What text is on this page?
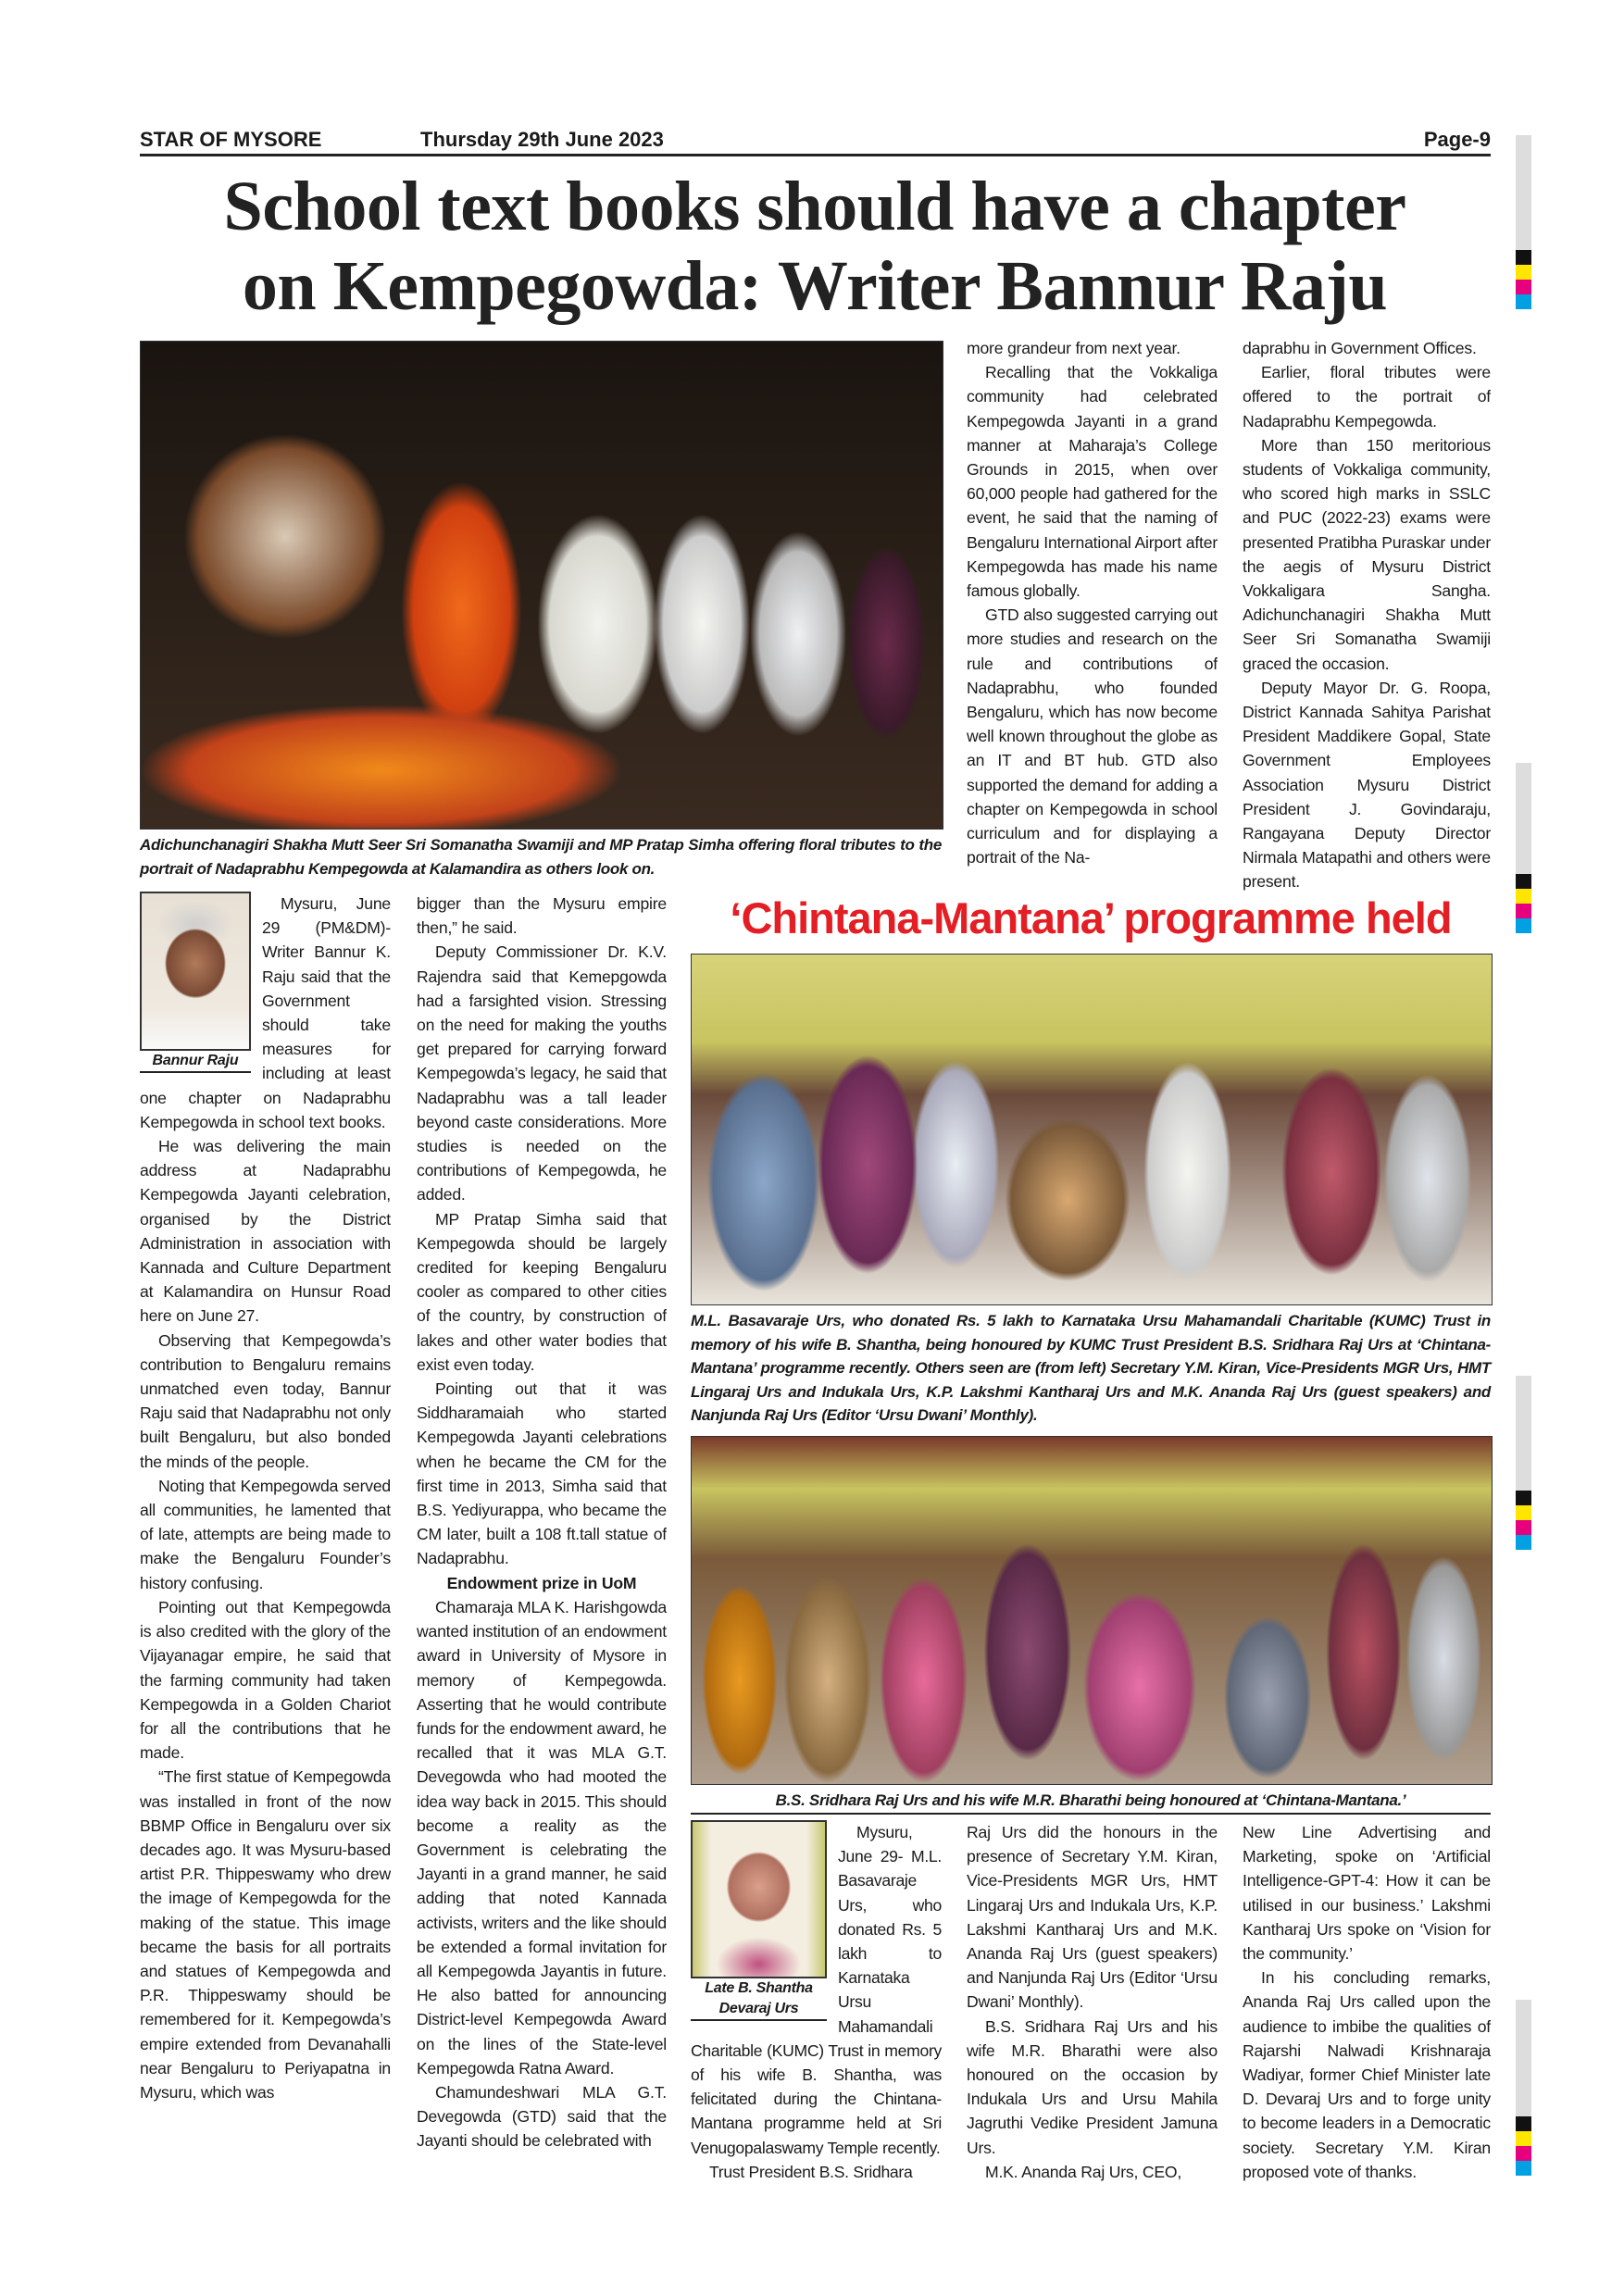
STAR OF MYSORE	Thursday 29th June 2023	Page-9
School text books should have a chapter
on Kempegowda: Writer Bannur Raju
Adichunchanagiri Shakha Mutt Seer Sri Somanatha Swamiji and MP Pratap Simha offering floral tributes to the portrait of Nadaprabhu Kempegowda at Kalamandira as others look on.
Bannur Raju

Mysuru, June 29 (PM&DM)- Writer Bannur K. Raju said that the Government should take measures for including at least one chapter on Nadaprabhu Kempegowda in school text books.

He was delivering the main address at Nadaprabhu Kempegowda Jayanti celebration, organised by the District Administration in association with Kannada and Culture Department at Kalamandira on Hunsur Road here on June 27.

Observing that Kempegowda’s contribution to Bengaluru remains unmatched even today, Bannur Raju said that Nadaprabhu not only built Bengaluru, but also bonded the minds of the people.

Noting that Kempegowda served all communities, he lamented that of late, attempts are being made to make the Bengaluru Founder’s history confusing.

Pointing out that Kempegowda is also credited with the glory of the Vijayanagar empire, he said that the farming community had taken Kempegowda in a Golden Chariot for all the contributions that he made.

“The first statue of Kempegowda was installed in front of the now BBMP Office in Bengaluru over six decades ago. It was Mysuru-based artist P.R. Thippeswamy who drew the image of Kempegowda for the making of the statue. This image became the basis for all portraits and statues of Kempegowda and P.R. Thippeswamy should be remembered for it. Kempegowda’s empire extended from Devanahalli near Bengaluru to Periyapatna in Mysuru, which was

bigger than the Mysuru empire then,” he said.

Deputy Commissioner Dr. K.V. Rajendra said that Kemepgowda had a farsighted vision. Stressing on the need for making the youths get prepared for carrying forward Kempegowda’s legacy, he said that Nadaprabhu was a tall leader beyond caste considerations. More studies is needed on the contributions of Kempegowda, he added.

MP Pratap Simha said that Kempegowda should be largely credited for keeping Bengaluru cooler as compared to other cities of the country, by construction of lakes and other water bodies that exist even today.

Pointing out that it was Siddharamaiah who started Kempegowda Jayanti celebrations when he became the CM for the first time in 2013, Simha said that B.S. Yediyurappa, who became the CM later, built a 108 ft.tall statue of Nadaprabhu.

Endowment prize in UoM

Chamaraja MLA K. Harishgowda wanted institution of an endowment award in University of Mysore in memory of Kempegowda. Asserting that he would contribute funds for the endowment award, he recalled that it was MLA G.T. Devegowda who had mooted the idea way back in 2015. This should become a reality as the Government is celebrating the Jayanti in a grand manner, he said adding that noted Kannada activists, writers and the like should be extended a formal invitation for all Kempegowda Jayantis in future. He also batted for announcing District-level Kempegowda Award on the lines of the State-level Kempegowda Ratna Award.

Chamundeshwari MLA G.T. Devegowda (GTD) said that the Jayanti should be celebrated with

more grandeur from next year.

Recalling that the Vokkaliga community had celebrated Kempegowda Jayanti in a grand manner at Maharaja’s College Grounds in 2015, when over 60,000 people had gathered for the event, he said that the naming of Bengaluru International Airport after Kempegowda has made his name famous globally.

GTD also suggested carrying out more studies and research on the rule and contributions of Nadaprabhu, who founded Bengaluru, which has now become well known throughout the globe as an IT and BT hub. GTD also supported the demand for adding a chapter on Kempegowda in school curriculum and for displaying a portrait of the Na-

daprabhu in Government Offices.

Earlier, floral tributes were offered to the portrait of Nadaprabhu Kempegowda.

More than 150 meritorious students of Vokkaliga community, who scored high marks in SSLC and PUC (2022-23) exams were presented Pratibha Puraskar under the aegis of Mysuru District Vokkaligara Sangha. Adichunchanagiri Shakha Mutt Seer Sri Somanatha Swamiji graced the occasion.

Deputy Mayor Dr. G. Roopa, District Kannada Sahitya Parishat President Maddikere Gopal, State Government Employees Association Mysuru District President J. Govindaraju, Rangayana Deputy Director Nirmala Matapathi and others were present.

‘Chintana-Mantana’ programme held
M.L. Basavaraje Urs, who donated Rs. 5 lakh to Karnataka Ursu Mahamandali Charitable (KUMC) Trust in memory of his wife B. Shantha, being honoured by KUMC Trust President B.S. Sridhara Raj Urs at ‘Chintana-Mantana’ programme recently. Others seen are (from left) Secretary Y.M. Kiran, Vice-Presidents MGR Urs, HMT Lingaraj Urs and Indukala Urs, K.P. Lakshmi Kantharaj Urs and M.K. Ananda Raj Urs (guest speakers) and Nanjunda Raj Urs (Editor ‘Ursu Dwani’ Monthly).
B.S. Sridhara Raj Urs and his wife M.R. Bharathi being honoured at ‘Chintana-Mantana.’
Late B. Shantha
Devaraj Urs

Mysuru, June 29- M.L. Basavaraje Urs, who donated Rs. 5 lakh to Karnataka Ursu Mahamandali Charitable (KUMC) Trust in memory of his wife B. Shantha, was felicitated during the Chintana-Mantana programme held at Sri Venugopalaswamy Temple recently.

Trust President B.S. Sridhara

Raj Urs did the honours in the presence of Secretary Y.M. Kiran, Vice-Presidents MGR Urs, HMT Lingaraj Urs and Indukala Urs, K.P. Lakshmi Kantharaj Urs and M.K. Ananda Raj Urs (guest speakers) and Nanjunda Raj Urs (Editor ‘Ursu Dwani’ Monthly).

B.S. Sridhara Raj Urs and his wife M.R. Bharathi were also honoured on the occasion by Indukala Urs and Ursu Mahila Jagruthi Vedike President Jamuna Urs.

M.K. Ananda Raj Urs, CEO,

New Line Advertising and Marketing, spoke on ‘Artificial Intelligence-GPT-4: How it can be utilised in our business.’ Lakshmi Kantharaj Urs spoke on ‘Vision for the community.’

In his concluding remarks, Ananda Raj Urs called upon the audience to imbibe the qualities of Rajarshi Nalwadi Krishnaraja Wadiyar, former Chief Minister late D. Devaraj Urs and to forge unity to become leaders in a Democratic society. Secretary Y.M. Kiran proposed vote of thanks.
